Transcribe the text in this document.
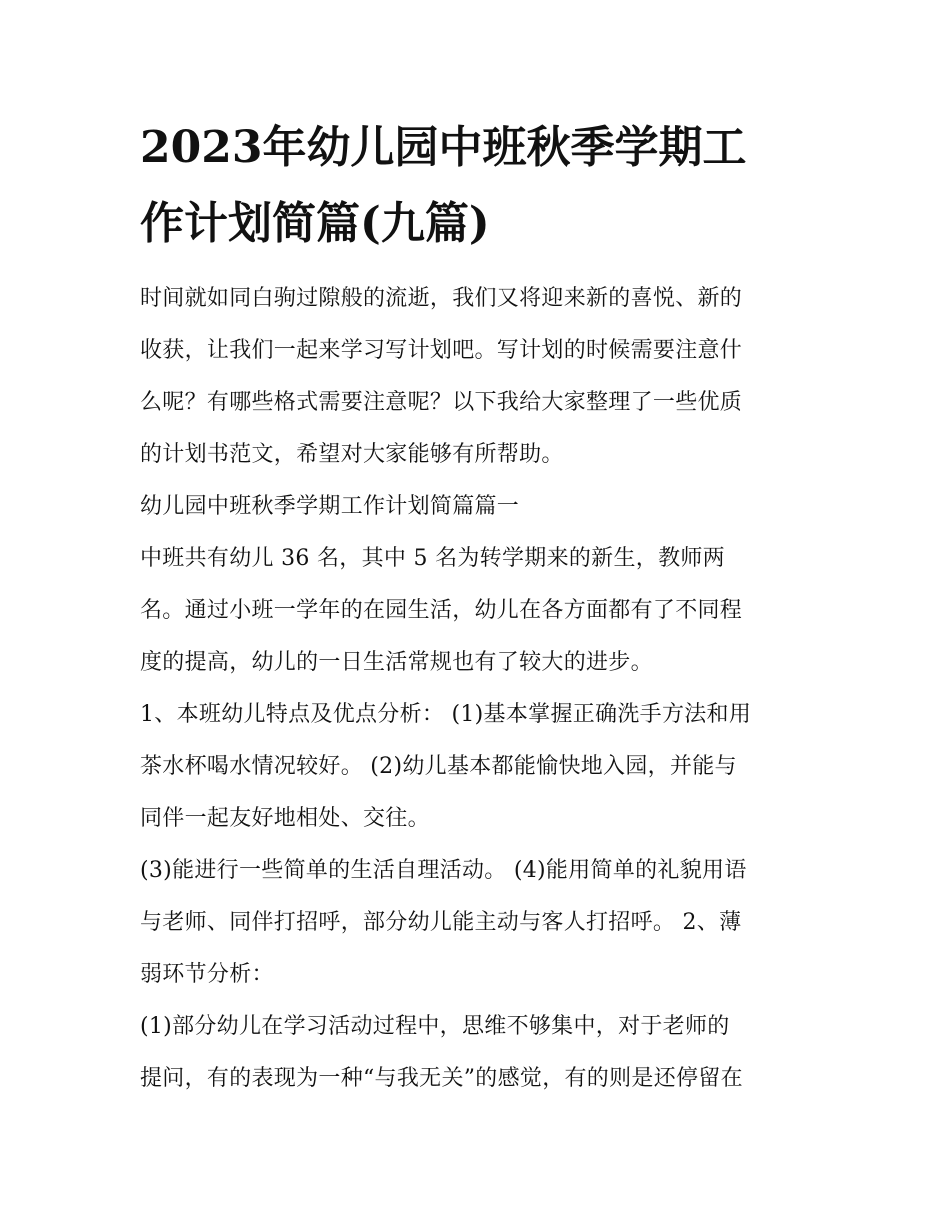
2023年幼儿园中班秋季学期工
作计划简篇(九篇)
时间就如同白驹过隙般的流逝，我们又将迎来新的喜悦、新的
收获，让我们一起来学习写计划吧。写计划的时候需要注意什
么呢？有哪些格式需要注意呢？以下我给大家整理了一些优质
的计划书范文，希望对大家能够有所帮助。
幼儿园中班秋季学期工作计划简篇篇一
中班共有幼儿 36 名，其中 5 名为转学期来的新生，教师两
名。通过小班一学年的在园生活，幼儿在各方面都有了不同程
度的提高，幼儿的一日生活常规也有了较大的进步。
1、本班幼儿特点及优点分析： (1)基本掌握正确洗手方法和用
茶水杯喝水情况较好。 (2)幼儿基本都能愉快地入园，并能与
同伴一起友好地相处、交往。
(3)能进行一些简单的生活自理活动。 (4)能用简单的礼貌用语
与老师、同伴打招呼，部分幼儿能主动与客人打招呼。 2、薄
弱环节分析：
(1)部分幼儿在学习活动过程中，思维不够集中，对于老师的
提问，有的表现为一种“与我无关”的感觉，有的则是还停留在
